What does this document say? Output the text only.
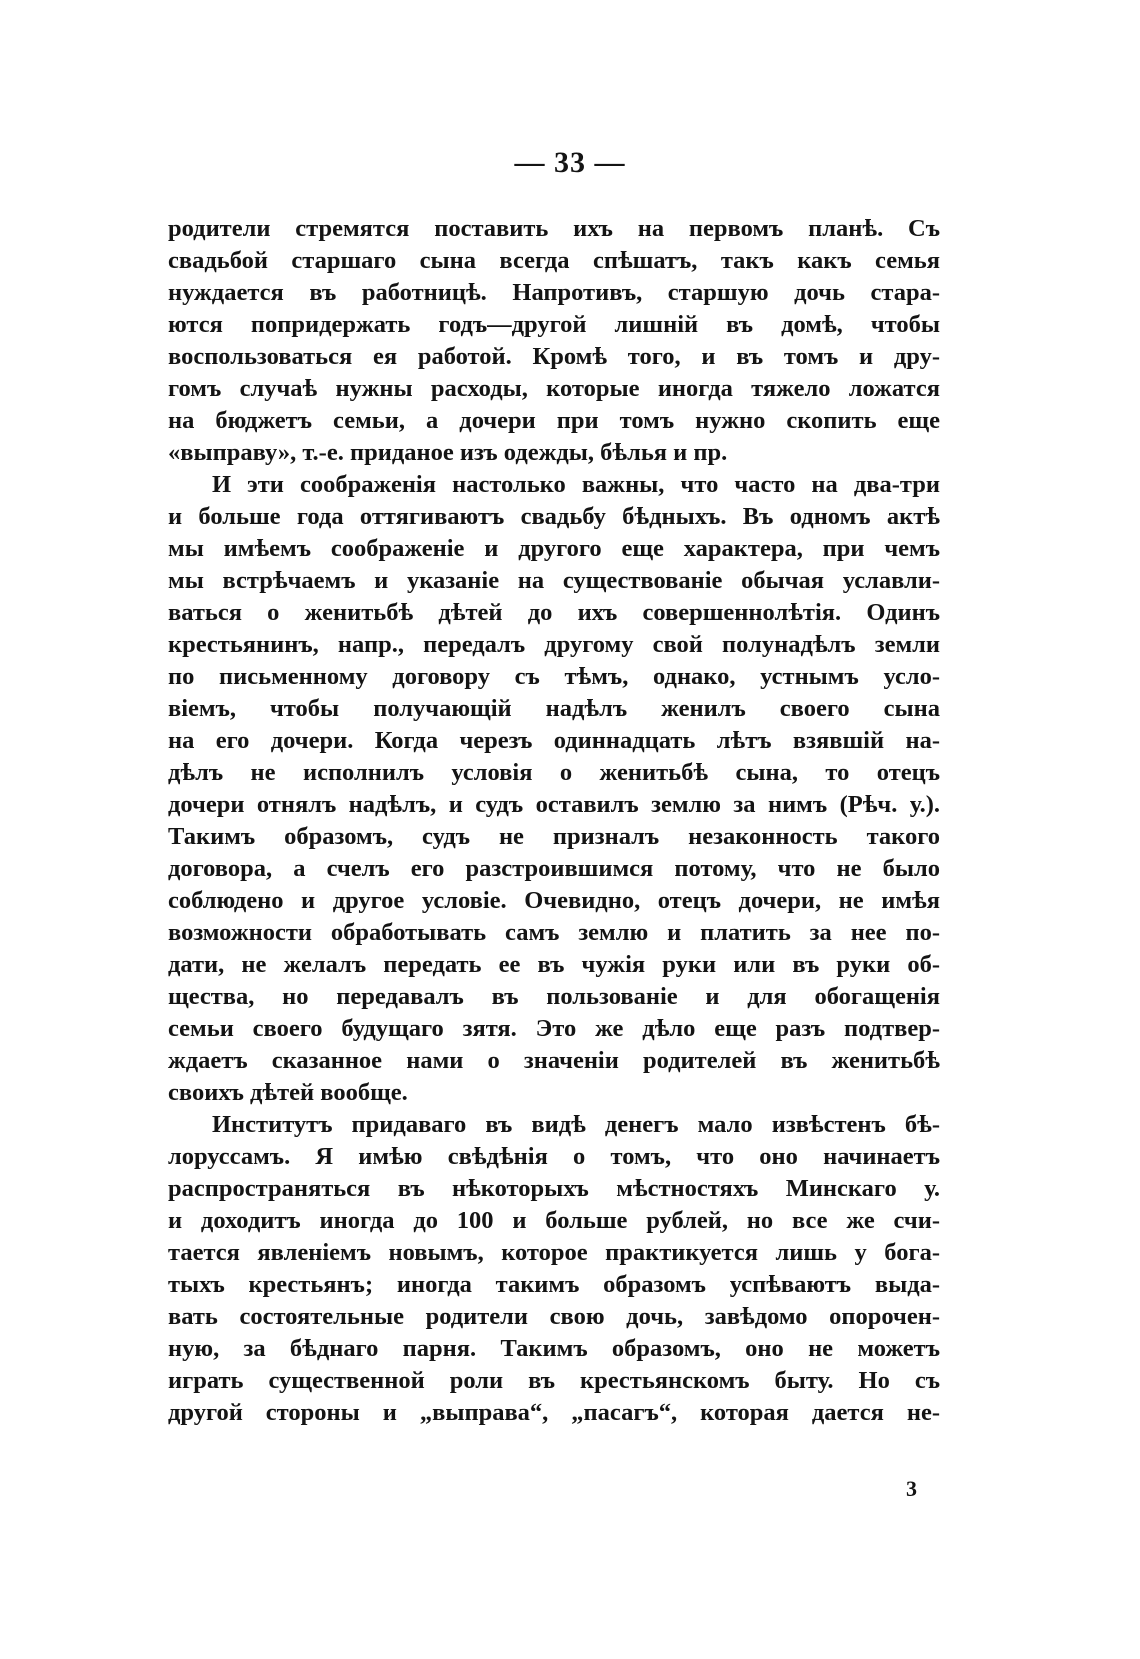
— 33 —
родители стремятся поставить ихъ на первомъ планѣ. Съ
свадьбой старшаго сына всегда спѣшатъ, такъ какъ семья
нуждается въ работницѣ. Напротивъ, старшую дочь стара-
ются попридержать годъ—другой лишній въ домѣ, чтобы
воспользоваться ея работой. Кромѣ того, и въ томъ и дру-
гомъ случаѣ нужны расходы, которые иногда тяжело ложатся
на бюджетъ семьи, а дочери при томъ нужно скопить еще
«выправу», т.-е. приданое изъ одежды, бѣлья и пр.
И эти соображенія настолько важны, что часто на два-три
и больше года оттягиваютъ свадьбу бѣдныхъ. Въ одномъ актѣ
мы имѣемъ соображеніе и другого еще характера, при чемъ
мы встрѣчаемъ и указаніе на существованіе обычая уславли-
ваться о женитьбѣ дѣтей до ихъ совершеннолѣтія. Одинъ
крестьянинъ, напр., передалъ другому свой полунадѣлъ земли
по письменному договору съ тѣмъ, однако, устнымъ усло-
віемъ, чтобы получающій надѣлъ женилъ своего сына
на его дочери. Когда черезъ одиннадцать лѣтъ взявшій на-
дѣлъ не исполнилъ условія о женитьбѣ сына, то отецъ
дочери отнялъ надѣлъ, и судъ оставилъ землю за нимъ (Рѣч. у.).
Такимъ образомъ, судъ не призналъ незаконность такого
договора, а счелъ его разстроившимся потому, что не было
соблюдено и другое условіе. Очевидно, отецъ дочери, не имѣя
возможности обработывать самъ землю и платить за нее по-
дати, не желалъ передать ее въ чужія руки или въ руки об-
щества, но передавалъ въ пользованіе и для обогащенія
семьи своего будущаго зятя. Это же дѣло еще разъ подтвер-
ждаетъ сказанное нами о значеніи родителей въ женитьбѣ
своихъ дѣтей вообще.
Институтъ придаваго въ видѣ денегъ мало извѣстенъ бѣ-
лоруссамъ. Я имѣю свѣдѣнія о томъ, что оно начинаетъ
распространяться въ нѣкоторыхъ мѣстностяхъ Минскаго у.
и доходитъ иногда до 100 и больше рублей, но все же счи-
тается явленіемъ новымъ, которое практикуется лишь у бога-
тыхъ крестьянъ; иногда такимъ образомъ успѣваютъ выда-
вать состоятельные родители свою дочь, завѣдомо опорочен-
ную, за бѣднаго парня. Такимъ образомъ, оно не можетъ
играть существенной роли въ крестьянскомъ быту. Но съ
другой стороны и „выправа“, „пасагъ“, которая дается не-
3
